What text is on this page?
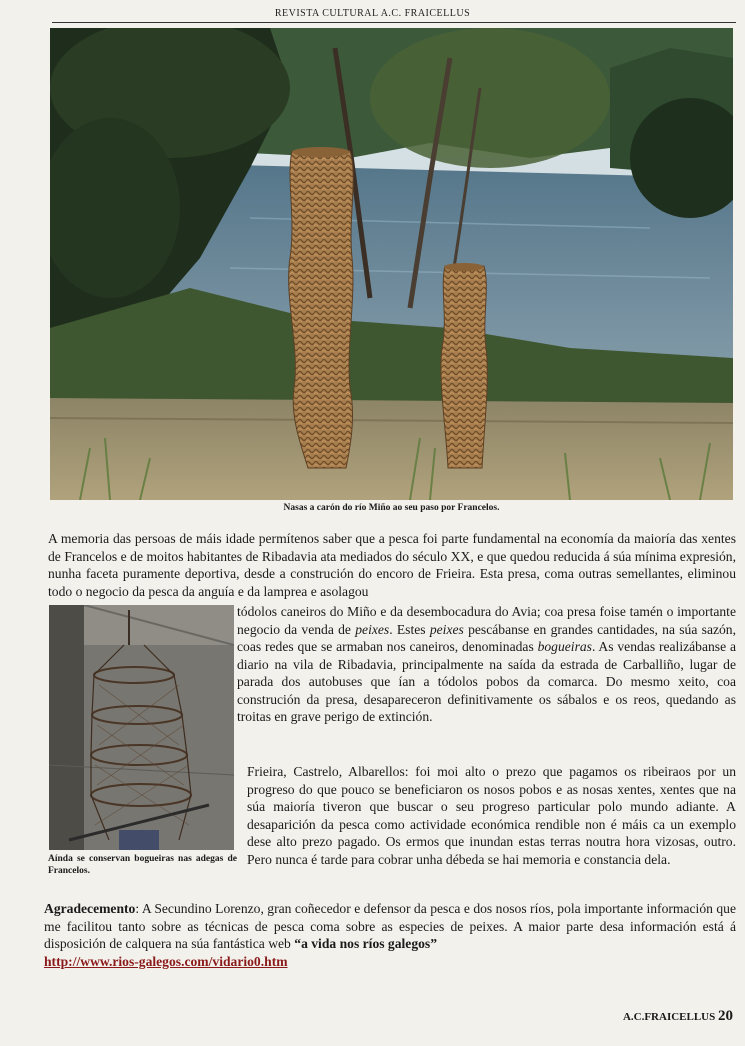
REVISTA CULTURAL A.C. FRAICELLUS
Nasas a carón do río Miño ao seu paso por Francelos.

A memoria das persoas de máis idade permítenos saber que a pesca foi parte fundamental na economía da maioría das xentes de Francelos e de moitos habitantes de Ribadavia ata mediados do século XX, e que quedou reducida á súa mínima expresión, nunha faceta puramente deportiva, desde a construción do encoro de Frieira. Esta presa, coma outras semellantes, eliminou todo o negocio da pesca da anguía e da lamprea e asolagou

Aínda se conservan bogueiras nas adegas de Francelos.

tódolos caneiros do Miño e da desembocadura do Avia; coa presa foise tamén o importante negocio da venda de peixes. Estes peixes pescábanse en grandes cantidades, na súa sazón, coas redes que se armaban nos caneiros, denominadas bogueiras. As vendas realizábanse a diario na vila de Ribadavia, principalmente na saída da estrada de Carballiño, lugar de parada dos autobuses que ían a tódolos pobos da comarca. Do mesmo xeito, coa construción da presa, desapareceron definitivamente os sábalos e os reos, quedando as troitas en grave perigo de extinción.

Frieira, Castrelo, Albarellos: foi moi alto o prezo que pagamos os ribeiraos por un progreso do que pouco se beneficiaron os nosos pobos e as nosas xentes, xentes que na súa maioría tiveron que buscar o seu progreso particular polo mundo adiante. A desaparición da pesca como actividade económica rendible non é máis ca un exemplo dese alto prezo pagado. Os ermos que inundan estas terras noutra hora vizosas, outro. Pero nunca é tarde para cobrar unha débeda se hai memoria e constancia dela.

Agradecemento: A Secundino Lorenzo, gran coñecedor e defensor da pesca e dos nosos ríos, pola importante información que me facilitou tanto sobre as técnicas de pesca coma sobre as especies de peixes. A maior parte desa información está á disposición de calquera na súa fantástica web “a vida nos ríos galegos”
http://www.rios-galegos.com/vidario0.htm

A.C.FRAICELLUS 20
